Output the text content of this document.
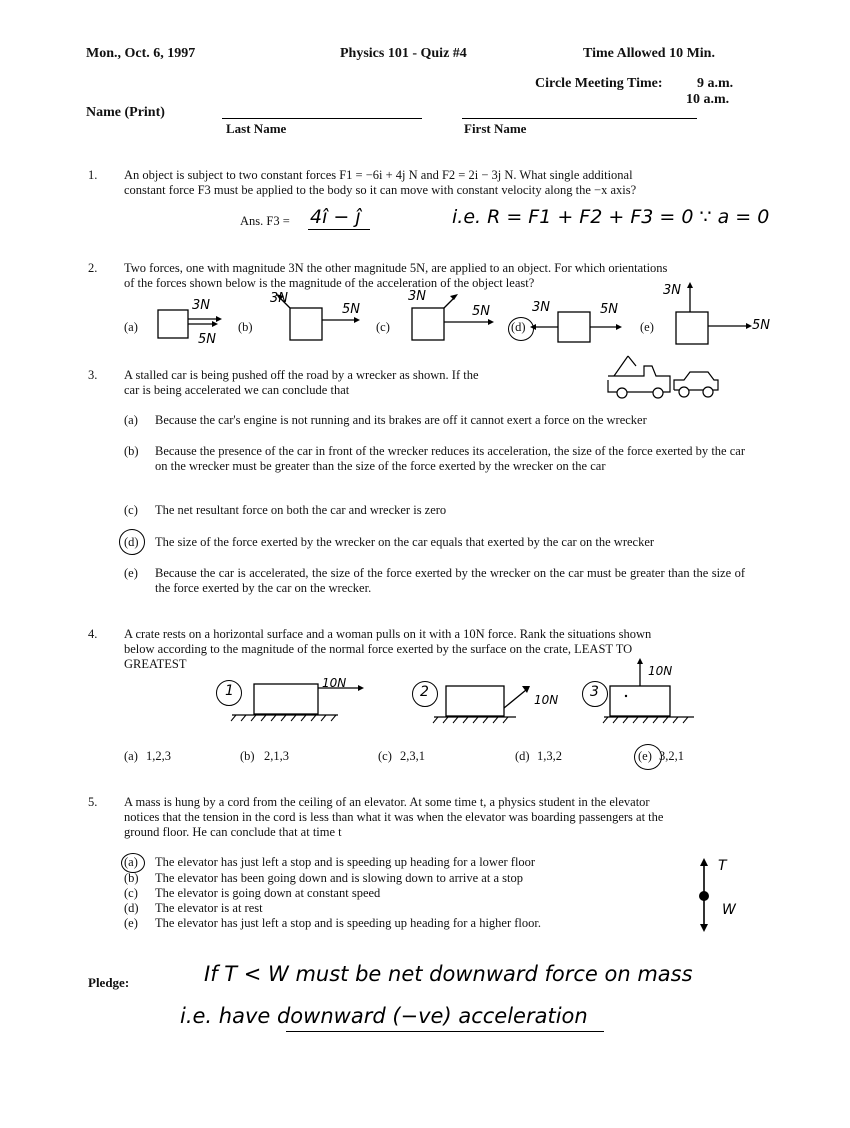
Mon., Oct. 6, 1997	Physics 101 - Quiz #4	Time Allowed 10 Min.
Circle Meeting Time: 9 a.m.
10 a.m.
Name (Print)
Last Name	First Name
1. An object is subject to two constant forces F1 = −6i + 4j N and F2 = 2i − 3j N. What single additional
constant force F3 must be applied to the body so it can move with constant velocity along the −x axis?
Ans. F3 = 4î − ĵ	i.e. R = F1 + F2 + F3 = 0 ∵ a = 0
2. Two forces, one with magnitude 3N the other magnitude 5N, are applied to an object. For which orientations
of the forces shown below is the magnitude of the acceleration of the object least?
(a)
3N
5N
(b)
3N
5N
(c)
3N
5N
(d)
3N	5N
(e)
3N
5N
3. A stalled car is being pushed off the road by a wrecker as shown. If the
car is being accelerated we can conclude that
(a) Because the car's engine is not running and its brakes are off it cannot exert a force on the wrecker
(b) Because the presence of the car in front of the wrecker reduces its acceleration, the size of the force exerted by the car on the wrecker must be greater than the size of the force exerted by the wrecker on the car
(c) The net resultant force on both the car and wrecker is zero
(d) The size of the force exerted by the wrecker on the car equals that exerted by the car on the wrecker
(e) Because the car is accelerated, the size of the force exerted by the wrecker on the car must be greater than the size of the force exerted by the car on the wrecker.
4. A crate rests on a horizontal surface and a woman pulls on it with a 10N force. Rank the situations shown
below according to the magnitude of the normal force exerted by the surface on the crate, LEAST TO
GREATEST
1	10N
2	10N 3
10N
(a) 1,2,3	(b) 2,1,3	(c) 2,3,1	(d) 1,3,2	(e) 3,2,1
5. A mass is hung by a cord from the ceiling of an elevator. At some time t, a physics student in the elevator
notices that the tension in the cord is less than what it was when the elevator was boarding passengers at the
ground floor. He can conclude that at time t
(a) The elevator has just left a stop and is speeding up heading for a lower floor
(b) The elevator has been going down and is slowing down to arrive at a stop
(c) The elevator is going down at constant speed
(d) The elevator is at rest
(e) The elevator has just left a stop and is speeding up heading for a higher floor.
T
W
Pledge:	If T < W must be net downward force on mass
i.e. have downward (−ve) acceleration
